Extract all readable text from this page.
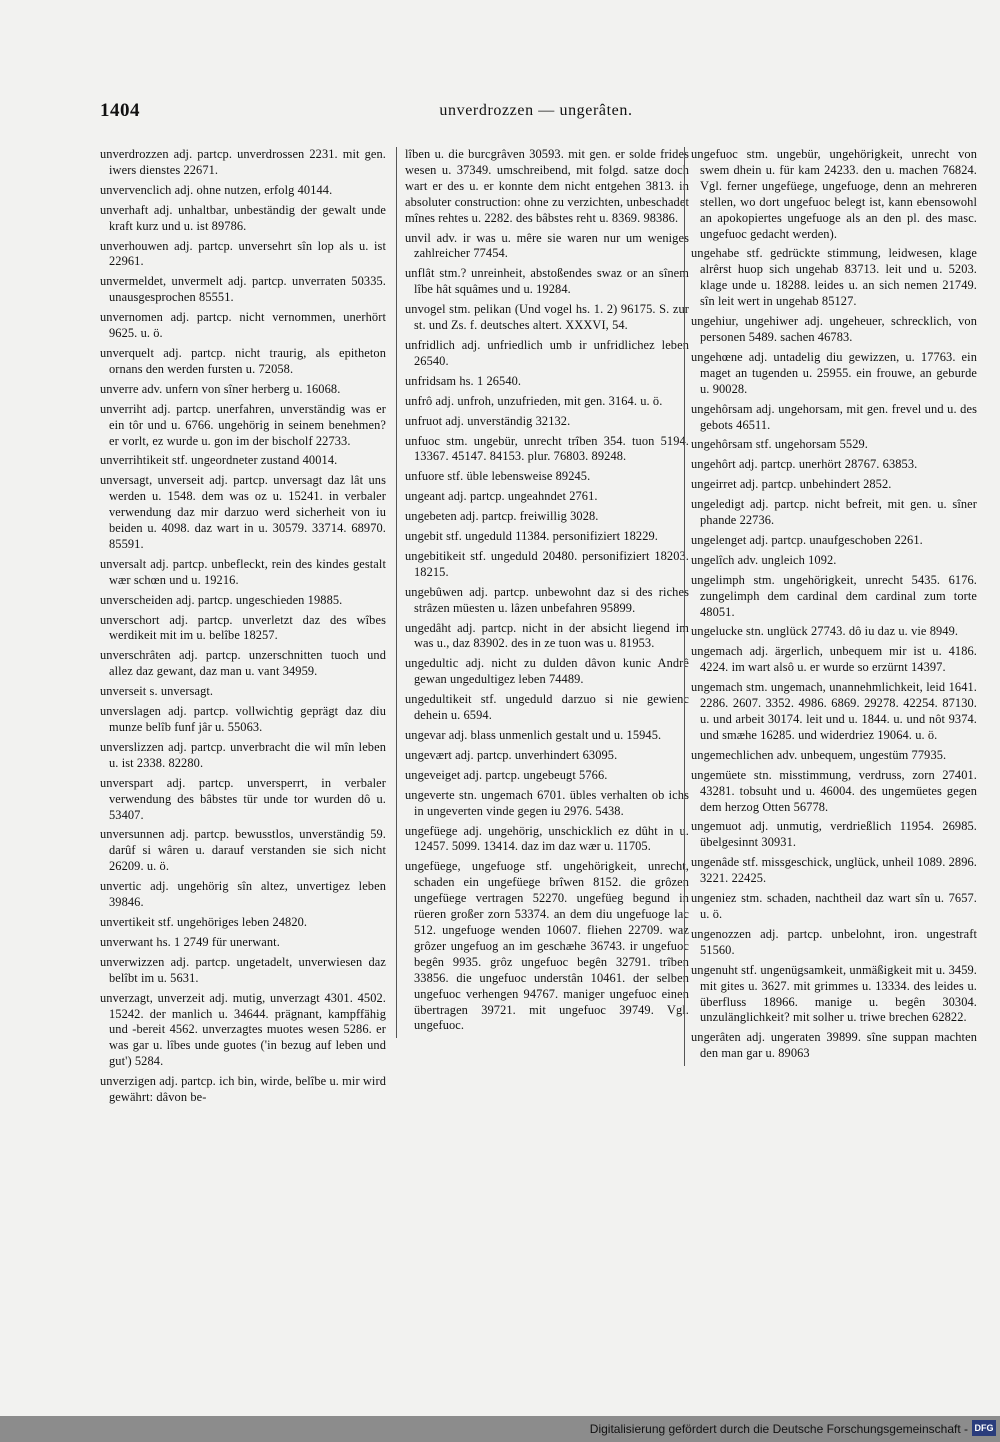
1404	unverdrozzen — ungerâten.

unverdrozzen adj. partcp. unverdrossen 2231. mit gen. iwers dienstes 22671.

unvervenclich adj. ohne nutzen, erfolg 40144.

unverhaft adj. unhaltbar, unbeständig der gewalt unde kraft kurz und u. ist 89786.

unverhouwen adj. partcp. unversehrt sîn lop als u. ist 22961.

unvermeldet, unvermelt adj. partcp. unverraten 50335. unausgesprochen 85551.

unvernomen adj. partcp. nicht vernommen, unerhört 9625. u. ö.

unverquelt adj. partcp. nicht traurig, als epitheton ornans den werden fursten u. 72058.

unverre adv. unfern von sîner herberg u. 16068.

unverriht adj. partcp. unerfahren, unverständig was er ein tôr und u. 6766. ungehörig in seinem benehmen? er vorlt, ez wurde u. gon im der bischolf 22733.

unverrihtikeit stf. ungeordneter zustand 40014.

unversagt, unverseit adj. partcp. unversagt daz lât uns werden u. 1548. dem was oz u. 15241. in verbaler verwendung daz mir darzuo werd sicherheit von iu beiden u. 4098. daz wart in u. 30579. 33714. 68970. 85591.

unversalt adj. partcp. unbefleckt, rein des kindes gestalt wær schœn und u. 19216.

unverscheiden adj. partcp. ungeschieden 19885.

unverschort adj. partcp. unverletzt daz des wîbes werdikeit mit im u. belîbe 18257.

unverschrâten adj. partcp. unzerschnitten tuoch und allez daz gewant, daz man u. vant 34959.

unverseit s. unversagt.

unverslagen adj. partcp. vollwichtig geprägt daz diu munze belîb funf jâr u. 55063.

unverslizzen adj. partcp. unverbracht die wil mîn leben u. ist 2338. 82280.

unverspart adj. partcp. unversperrt, in verbaler verwendung des bâbstes tür unde tor wurden dô u. 53407.

unversunnen adj. partcp. bewusstlos, unverständig 59. darûf si wâren u. darauf verstanden sie sich nicht 26209. u. ö.

unvertic adj. ungehörig sîn altez, unvertigez leben 39846.

unvertikeit stf. ungehöriges leben 24820.

unverwant hs. 1 2749 für unerwant.

unverwizzen adj. partcp. ungetadelt, unverwiesen daz belîbt im u. 5631.

unverzagt, unverzeit adj. mutig, unverzagt 4301. 4502. 15242. der manlich u. 34644. prägnant, kampffähig und -bereit 4562. unverzagtes muotes wesen 5286. er was gar u. lîbes unde guotes ('in bezug auf leben und gut') 5284.

unverzigen adj. partcp. ich bin, wirde, belîbe u. mir wird gewährt: dâvon be-

lîben u. die burcgrâven 30593. mit gen. er solde frides wesen u. 37349. umschreibend, mit folgd. satze doch wart er des u. er konnte dem nicht entgehen 3813. in absoluter construction: ohne zu verzichten, unbeschadet mînes rehtes u. 2282. des bâbstes reht u. 8369. 98386.

unvil adv. ir was u. mêre sie waren nur um weniges zahlreicher 77454.

unflât stm.? unreinheit, abstoßendes swaz or an sînem lîbe hât squâmes und u. 19284.

unvogel stm. pelikan (Und vogel hs. 1. 2) 96175. S. zur st. und Zs. f. deutsches altert. XXXVI, 54.

unfridlich adj. unfriedlich umb ir unfridlichez leben 26540.

unfridsam hs. 1 26540.

unfrô adj. unfroh, unzufrieden, mit gen. 3164. u. ö.

unfruot adj. unverständig 32132.

unfuoc stm. ungebür, unrecht trîben 354. tuon 5194. 13367. 45147. 84153. plur. 76803. 89248.

unfuore stf. üble lebensweise 89245.

ungeant adj. partcp. ungeahndet 2761.

ungebeten adj. partcp. freiwillig 3028.

ungebit stf. ungeduld 11384. personifiziert 18229.

ungebitikeit stf. ungeduld 20480. personifiziert 18203. 18215.

ungebûwen adj. partcp. unbewohnt daz si des riches strâzen müesten u. lâzen unbefahren 95899.

ungedâht adj. partcp. nicht in der absicht liegend im was u., daz 83902. des in ze tuon was u. 81953.

ungedultic adj. nicht zu dulden dâvon kunic Andrê gewan ungedultigez leben 74489.

ungedultikeit stf. ungeduld darzuo si nie gewienc dehein u. 6594.

ungevar adj. blass unmenlich gestalt und u. 15945.

ungevært adj. partcp. unverhindert 63095.

ungeveiget adj. partcp. ungebeugt 5766.

ungeverte stn. ungemach 6701. übles verhalten ob ichs in ungeverten vinde gegen iu 2976. 5438.

ungefüege adj. ungehörig, unschicklich ez dûht in u. 12457. 5099. 13414. daz im daz wær u. 11705.

ungefüege, ungefuoge stf. ungehörigkeit, unrecht, schaden ein ungefüege brîwen 8152. die grôzen ungefüege vertragen 52270. ungefüeg begund in rüeren großer zorn 53374. an dem diu ungefuoge lac 512. ungefuoge wenden 10607. fliehen 22709. waz grôzer ungefuog an im geschæhe 36743. ir ungefuoc begên 9935. grôz ungefuoc begên 32791. trîben 33856. die ungefuoc understân 10461. der selben ungefuoc verhengen 94767. maniger ungefuoc einen übertragen 39721. mit ungefuoc 39749. Vgl. ungefuoc.

ungefuoc stm. ungebür, ungehörigkeit, unrecht von swem dhein u. für kam 24233. den u. machen 76824. Vgl. ferner ungefüege, ungefuoge, denn an mehreren stellen, wo dort ungefuoc belegt ist, kann ebensowohl an apokopiertes ungefuoge als an den pl. des masc. ungefuoc gedacht werden).

ungehabe stf. gedrückte stimmung, leidwesen, klage alrêrst huop sich ungehab 83713. leit und u. 5203. klage unde u. 18288. leides u. an sich nemen 21749. sîn leit wert in ungehab 85127.

ungehiur, ungehiwer adj. ungeheuer, schrecklich, von personen 5489. sachen 46783.

ungehœne adj. untadelig diu gewizzen, u. 17763. ein maget an tugenden u. 25955. ein frouwe, an geburde u. 90028.

ungehôrsam adj. ungehorsam, mit gen. frevel und u. des gebots 46511.

ungehôrsam stf. ungehorsam 5529.

ungehôrt adj. partcp. unerhört 28767. 63853.

ungeirret adj. partcp. unbehindert 2852.

ungeledigt adj. partcp. nicht befreit, mit gen. u. sîner phande 22736.

ungelenget adj. partcp. unaufgeschoben 2261.

ungelîch adv. ungleich 1092.

ungelimph stm. ungehörigkeit, unrecht 5435. 6176. zungelimph dem cardinal dem cardinal zum torte 48051.

ungelucke stn. unglück 27743. dô iu daz u. vie 8949.

ungemach adj. ärgerlich, unbequem mir ist u. 4186. 4224. im wart alsô u. er wurde so erzürnt 14397.

ungemach stm. ungemach, unannehmlichkeit, leid 1641. 2286. 2607. 3352. 4986. 6869. 29278. 42254. 87130. u. und arbeit 30174. leit und u. 1844. u. und nôt 9374. und smæhe 16285. und widerdriez 19064. u. ö.

ungemechlichen adv. unbequem, ungestüm 77935.

ungemüete stn. misstimmung, verdruss, zorn 27401. 43281. tobsuht und u. 46004. des ungemüetes gegen dem herzog Otten 56778.

ungemuot adj. unmutig, verdrießlich 11954. 26985. übelgesinnt 30931.

ungenâde stf. missgeschick, unglück, unheil 1089. 2896. 3221. 22425.

ungeniez stm. schaden, nachtheil daz wart sîn u. 7657. u. ö.

ungenozzen adj. partcp. unbelohnt, iron. ungestraft 51560.

ungenuht stf. ungenügsamkeit, unmäßigkeit mit u. 3459. mit gites u. 3627. mit grimmes u. 13334. des leides u. überfluss 18966. manige u. begên 30304. unzulänglichkeit? mit solher u. triwe brechen 62822.

ungerâten adj. ungeraten 39899. sîne suppan machten den man gar u. 89063

Digitalisierung gefördert durch die Deutsche Forschungsgemeinschaft - DFG
